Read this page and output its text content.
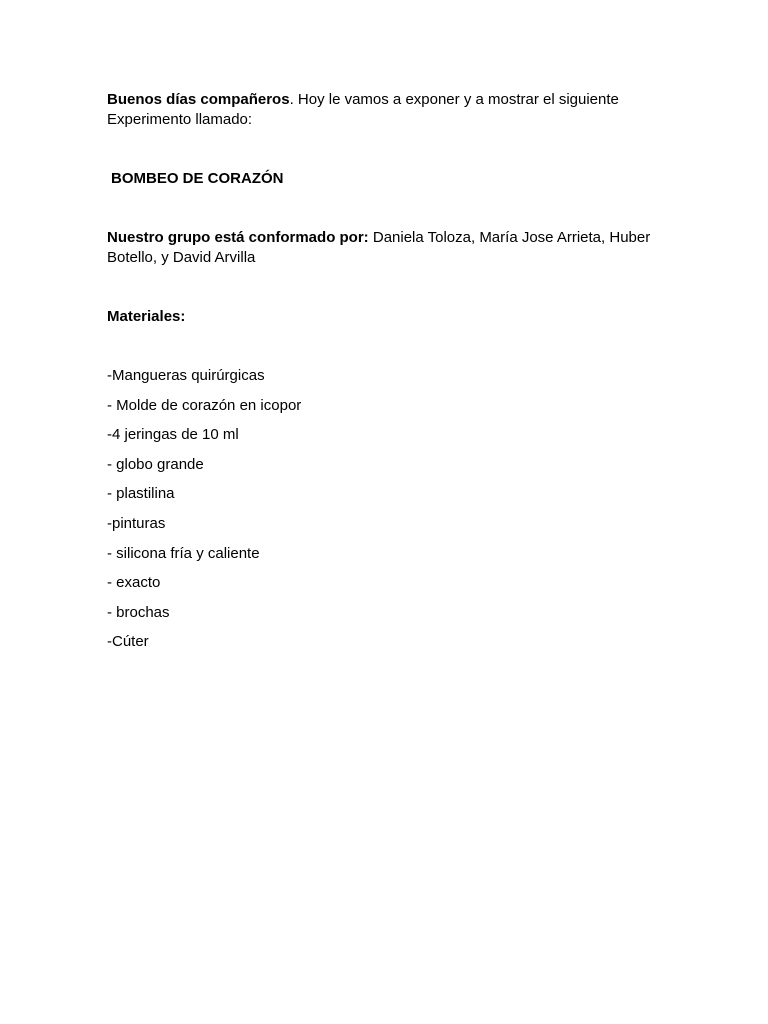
Buenos días compañeros. Hoy le vamos a exponer y a mostrar el siguiente Experimento llamado:

BOMBEO DE CORAZÓN

Nuestro grupo está conformado por: Daniela Toloza, María Jose Arrieta, Huber Botello, y David Arvilla

Materiales:

-Mangueras quirúrgicas
- Molde de corazón en icopor
-4 jeringas de 10 ml
- globo grande
- plastilina
-pinturas
- silicona fría y caliente
- exacto
- brochas
-Cúter
